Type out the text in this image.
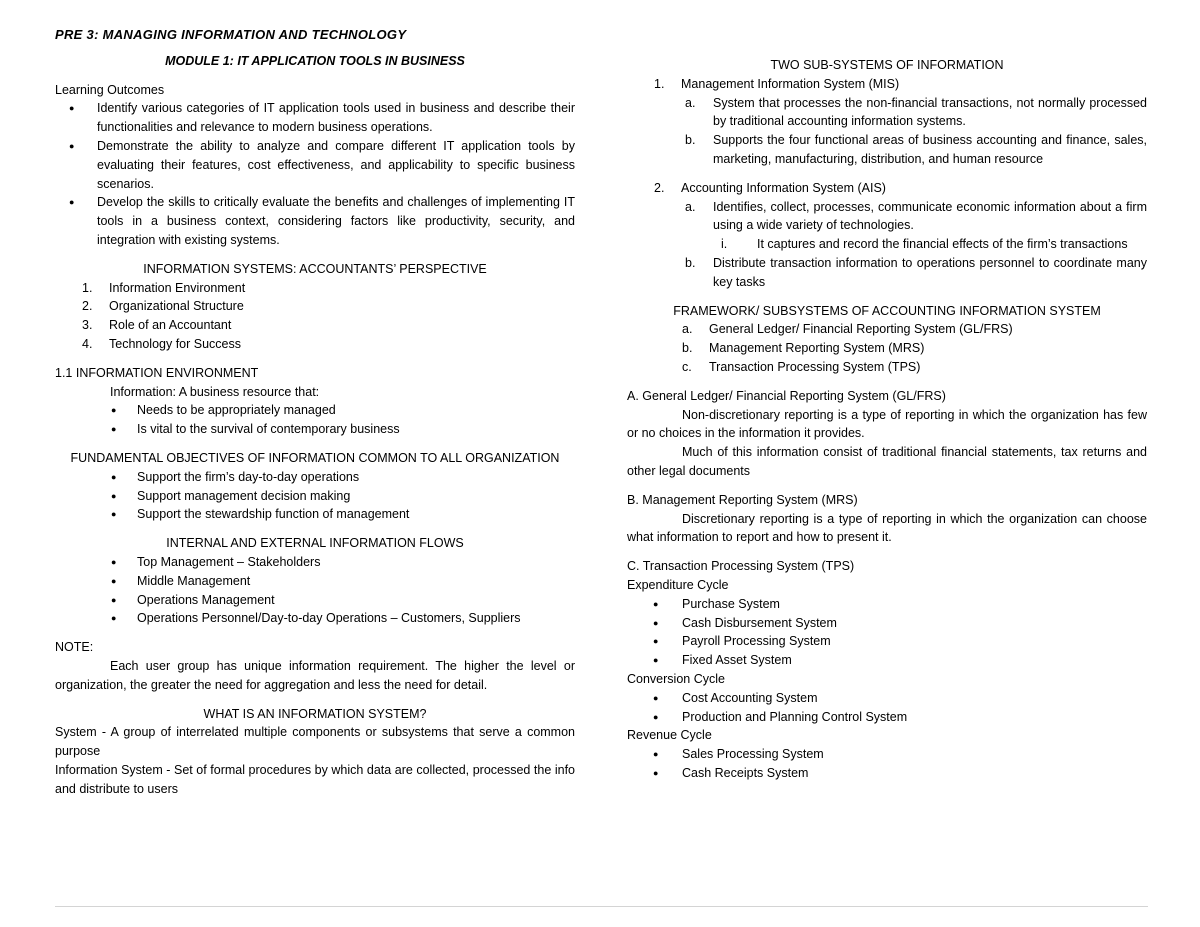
PRE 3: MANAGING INFORMATION AND TECHNOLOGY
MODULE 1: IT APPLICATION TOOLS IN BUSINESS
Learning Outcomes
● Identify various categories of IT application tools used in business and describe their functionalities and relevance to modern business operations.
● Demonstrate the ability to analyze and compare different IT application tools by evaluating their features, cost effectiveness, and applicability to specific business scenarios.
● Develop the skills to critically evaluate the benefits and challenges of implementing IT tools in a business context, considering factors like productivity, security, and integration with existing systems.
INFORMATION SYSTEMS: ACCOUNTANTS’ PERSPECTIVE
1. Information Environment
2. Organizational Structure
3. Role of an Accountant
4. Technology for Success
1.1 INFORMATION ENVIRONMENT
Information: A business resource that:
● Needs to be appropriately managed
● Is vital to the survival of contemporary business
FUNDAMENTAL OBJECTIVES OF INFORMATION COMMON TO ALL ORGANIZATION
● Support the firm’s day-to-day operations
● Support management decision making
● Support the stewardship function of management
INTERNAL AND EXTERNAL INFORMATION FLOWS
● Top Management – Stakeholders
● Middle Management
● Operations Management
● Operations Personnel/Day-to-day Operations – Customers, Suppliers
NOTE:
Each user group has unique information requirement. The higher the level or organization, the greater the need for aggregation and less the need for detail.
WHAT IS AN INFORMATION SYSTEM?
System - A group of interrelated multiple components or subsystems that serve a common purpose
Information System - Set of formal procedures by which data are collected, processed the info and distribute to users
TWO SUB-SYSTEMS OF INFORMATION
1. Management Information System (MIS)
a. System that processes the non-financial transactions, not normally processed by traditional accounting information systems.
b. Supports the four functional areas of business accounting and finance, sales, marketing, manufacturing, distribution, and human resource
2. Accounting Information System (AIS)
a. Identifies, collect, processes, communicate economic information about a firm using a wide variety of technologies.
i. It captures and record the financial effects of the firm’s transactions
b. Distribute transaction information to operations personnel to coordinate many key tasks
FRAMEWORK/ SUBSYSTEMS OF ACCOUNTING INFORMATION SYSTEM
a. General Ledger/ Financial Reporting System (GL/FRS)
b. Management Reporting System (MRS)
c. Transaction Processing System (TPS)
A. General Ledger/ Financial Reporting System (GL/FRS)
Non-discretionary reporting is a type of reporting in which the organization has few or no choices in the information it provides.
Much of this information consist of traditional financial statements, tax returns and other legal documents
B. Management Reporting System (MRS)
Discretionary reporting is a type of reporting in which the organization can choose what information to report and how to present it.
C. Transaction Processing System (TPS)
Expenditure Cycle
● Purchase System
● Cash Disbursement System
● Payroll Processing System
● Fixed Asset System
Conversion Cycle
● Cost Accounting System
● Production and Planning Control System
Revenue Cycle
● Sales Processing System
● Cash Receipts System
